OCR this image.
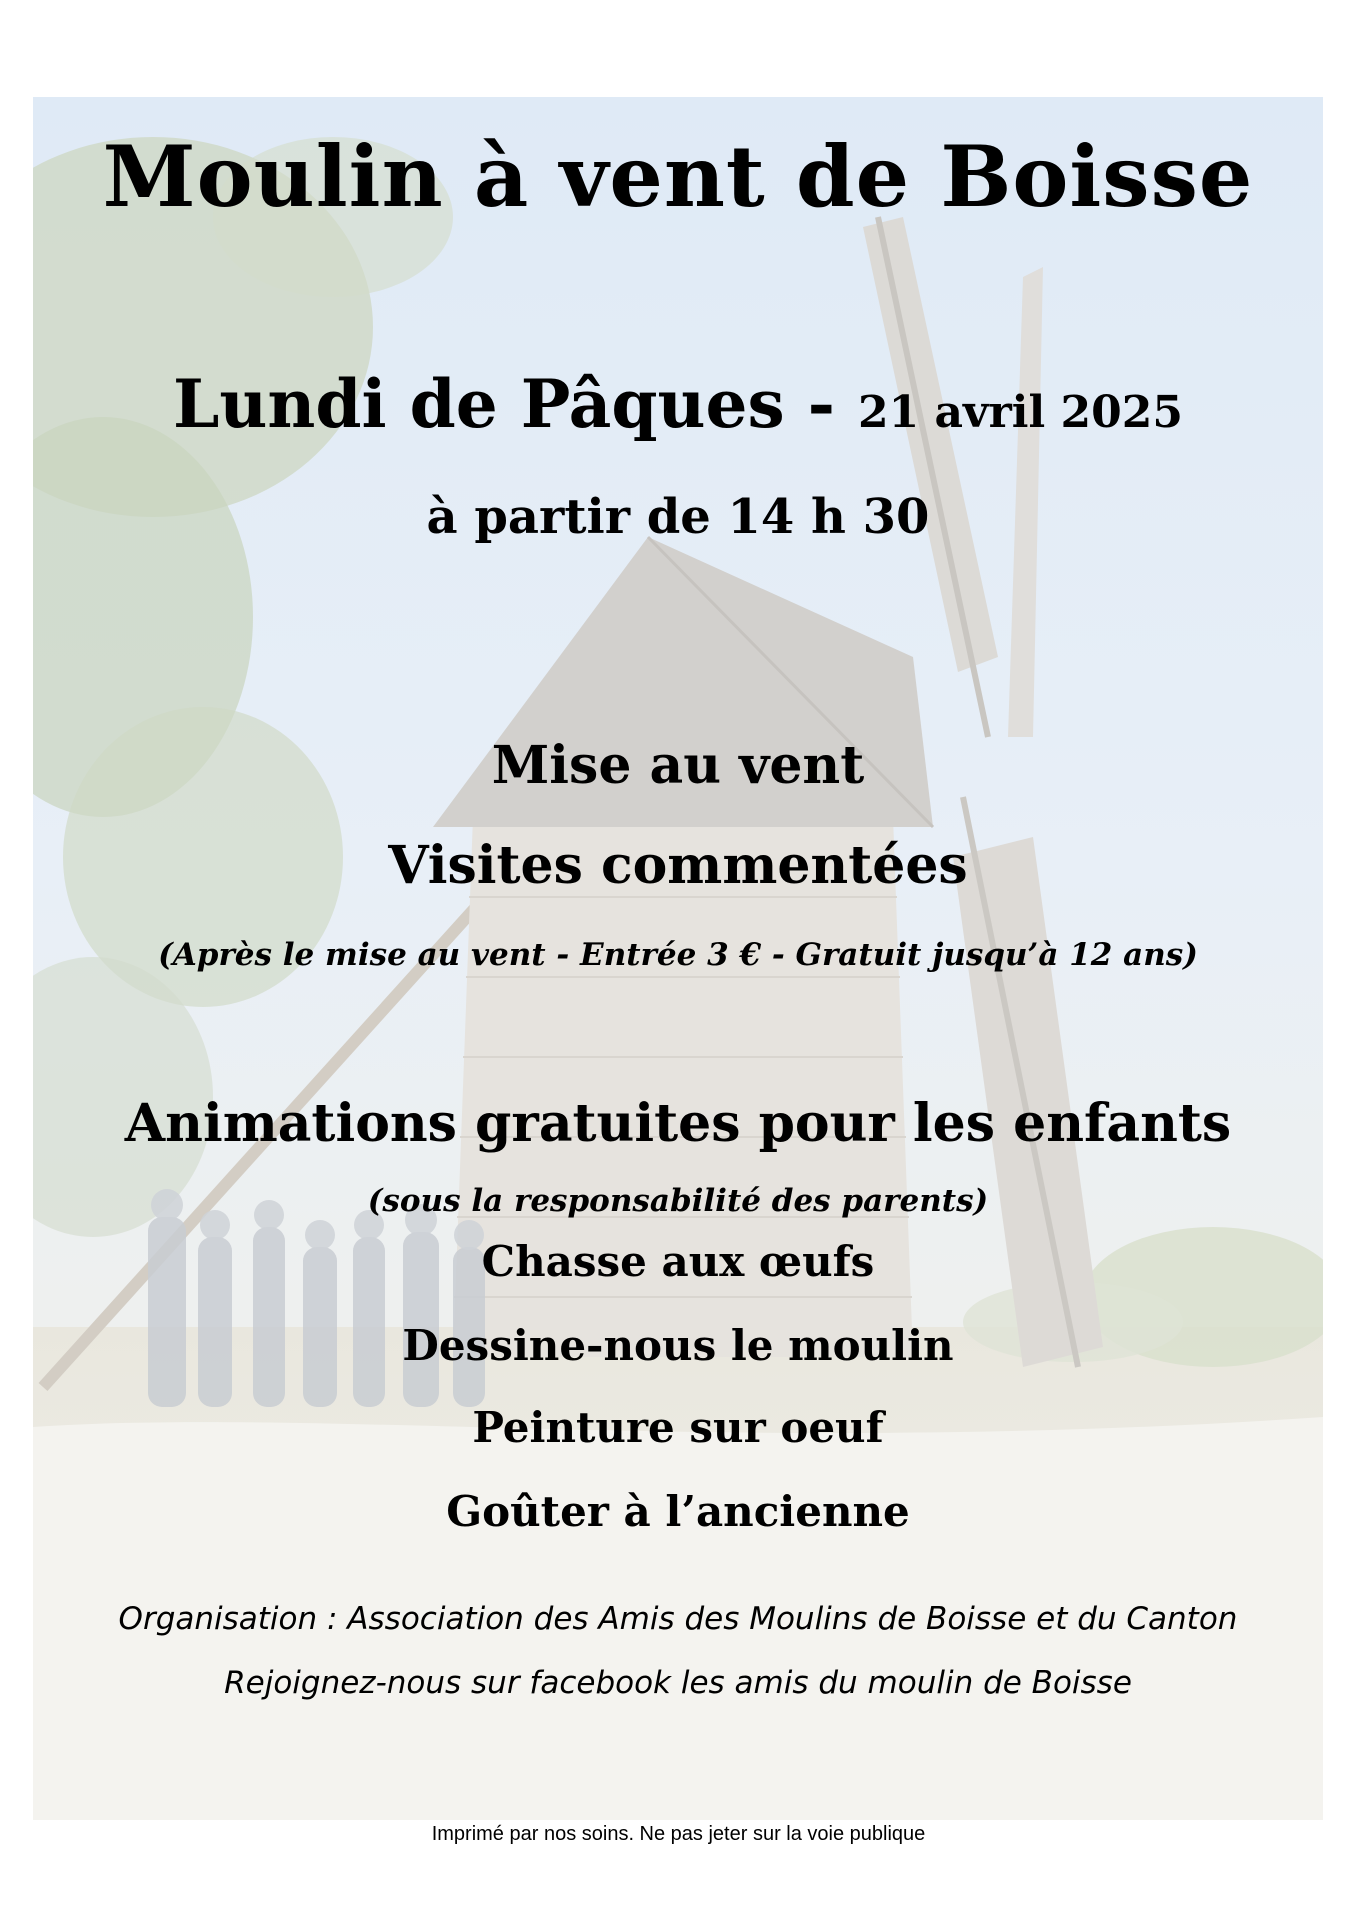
Moulin à vent de Boisse

Lundi de Pâques - 21 avril 2025

à partir de 14 h 30

Mise au vent

Visites commentées

(Après le mise au vent - Entrée 3 € - Gratuit jusqu’à 12 ans)

Animations gratuites pour les enfants

(sous la responsabilité des parents)

Chasse aux œufs

Dessine-nous le moulin

Peinture sur oeuf

Goûter à l’ancienne

Organisation : Association des Amis des Moulins de Boisse et du Canton

Rejoignez-nous sur facebook les amis du moulin de Boisse

Imprimé par nos soins. Ne pas jeter sur la voie publique
